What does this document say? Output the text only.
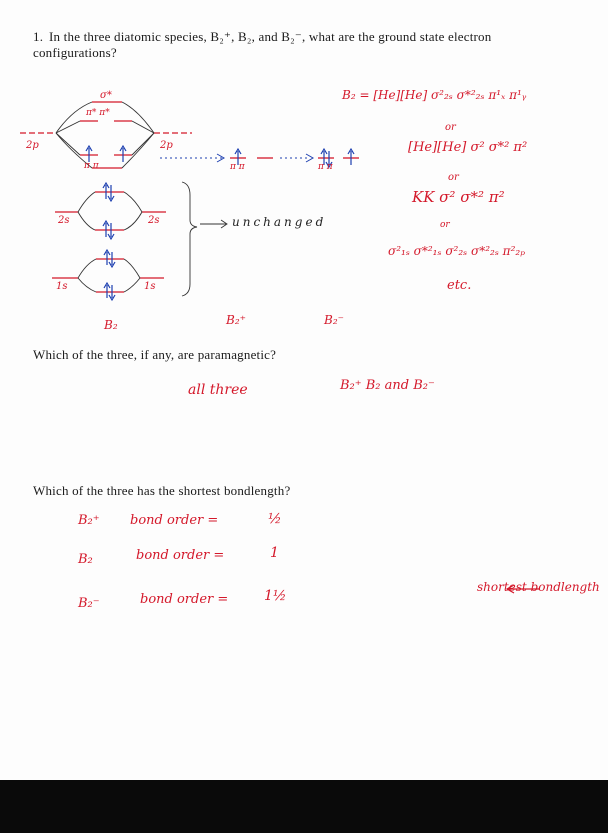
1. In the three diatomic species, B₂⁺, B₂, and B₂⁻, what are the ground state electron
configurations?
2p	2p
σ*
π* π*
π π
2s	2s
1s	1s
π π	π π
unchanged
B₂	B₂⁺	B₂⁻
B₂ = [He][He] σ²₂ₛ σ*²₂ₛ π¹ₓ π¹ᵧ
or
[He][He] σ² σ*² π²
or
KK σ² σ*² π²
or
σ²₁ₛ σ*²₁ₛ σ²₂ₛ σ*²₂ₛ π²₂ₚ
etc.
Which of the three, if any, are paramagnetic?
all three	B₂⁺ B₂ and B₂⁻
Which of the three has the shortest bondlength?
B₂⁺ bond order =	½
B₂	bond order =	1
B₂⁻	bond order =	1½
shortest bondlength
